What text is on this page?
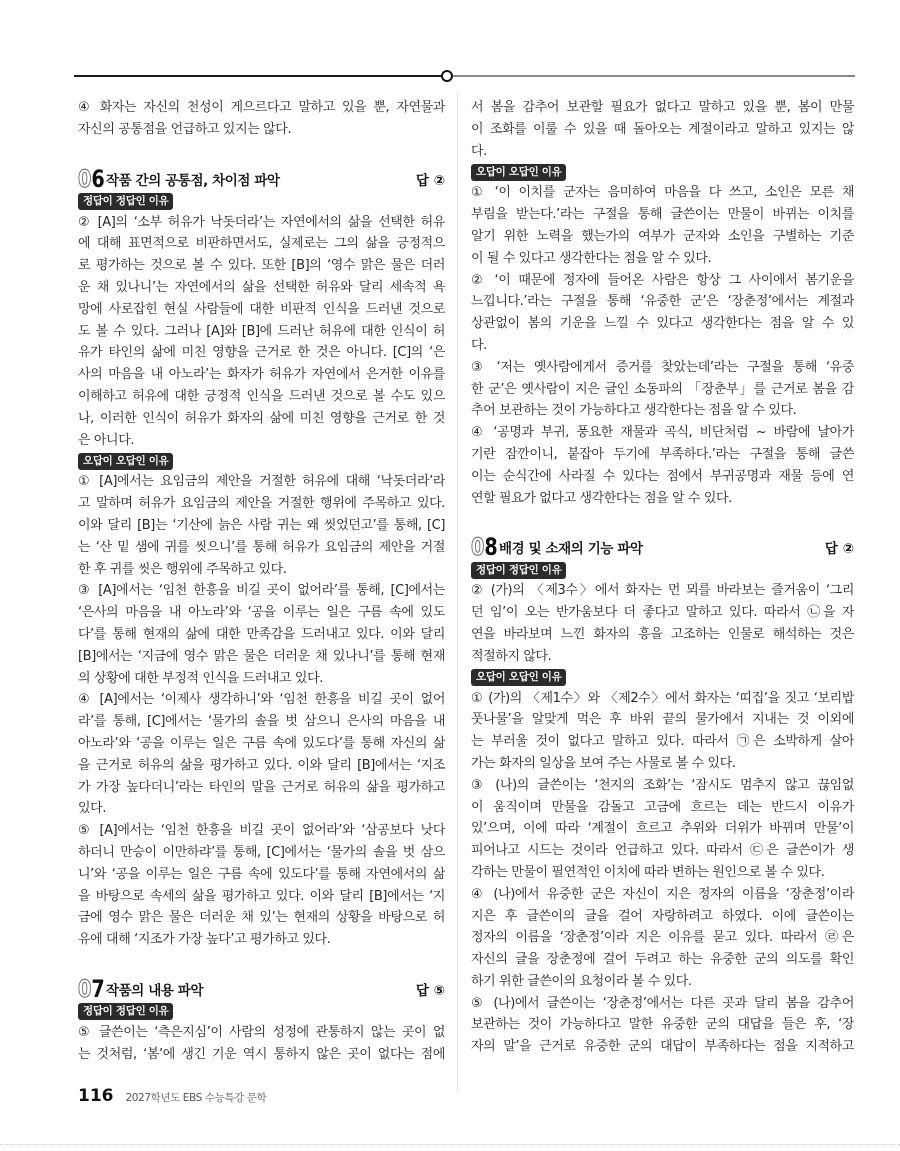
④ 화자는 자신의 천성이 게으르다고 말하고 있을 뿐, 자연물과
자신의 공통점을 언급하고 있지는 않다.
06 작품 간의 공통점, 차이점 파악	답 ②
정답이 정답인 이유
② [A]의 ‘소부 허유가 낙돗더라’는 자연에서의 삶을 선택한 허유
에 대해 표면적으로 비판하면서도, 실제로는 그의 삶을 긍정적으
로 평가하는 것으로 볼 수 있다. 또한 [B]의 ‘영수 맑은 물은 더러
운 채 있나니’는 자연에서의 삶을 선택한 허유와 달리 세속적 욕
망에 사로잡힌 현실 사람들에 대한 비판적 인식을 드러낸 것으로
도 볼 수 있다. 그러나 [A]와 [B]에 드러난 허유에 대한 인식이 허
유가 타인의 삶에 미친 영향을 근거로 한 것은 아니다. [C]의 ‘은
사의 마음을 내 아노라’는 화자가 허유가 자연에서 은거한 이유를
이해하고 허유에 대한 긍정적 인식을 드러낸 것으로 볼 수도 있으
나, 이러한 인식이 허유가 화자의 삶에 미친 영향을 근거로 한 것
은 아니다.
오답이 오답인 이유
① [A]에서는 요임금의 제안을 거절한 허유에 대해 ‘낙돗더라’라
고 말하며 허유가 요임금의 제안을 거절한 행위에 주목하고 있다.
이와 달리 [B]는 ‘기산에 늙은 사람 귀는 왜 씻었던고’를 통해, [C]
는 ‘산 밑 샘에 귀를 씻으니’를 통해 허유가 요임금의 제안을 거절
한 후 귀를 씻은 행위에 주목하고 있다.
③ [A]에서는 ‘임천 한흥을 비길 곳이 없어라’를 통해, [C]에서는
‘은사의 마음을 내 아노라’와 ‘공을 이루는 일은 구름 속에 있도
다’를 통해 현재의 삶에 대한 만족감을 드러내고 있다. 이와 달리
[B]에서는 ‘지금에 영수 맑은 물은 더러운 채 있나니’를 통해 현재
의 상황에 대한 부정적 인식을 드러내고 있다.
④ [A]에서는 ‘이제사 생각하니’와 ‘임천 한흥을 비길 곳이 없어
라’를 통해, [C]에서는 ‘물가의 솔을 벗 삼으니 은사의 마음을 내
아노라’와 ‘공을 이루는 일은 구름 속에 있도다’를 통해 자신의 삶
을 근거로 허유의 삶을 평가하고 있다. 이와 달리 [B]에서는 ‘지조
가 가장 높다더니’라는 타인의 말을 근거로 허유의 삶을 평가하고
있다.
⑤ [A]에서는 ‘임천 한흥을 비길 곳이 없어라’와 ‘삼공보다 낫다
하더니 만승이 이만하랴’를 통해, [C]에서는 ‘물가의 솔을 벗 삼으
니’와 ‘공을 이루는 일은 구름 속에 있도다’를 통해 자연에서의 삶
을 바탕으로 속세의 삶을 평가하고 있다. 이와 달리 [B]에서는 ‘지
금에 영수 맑은 물은 더러운 채 있’는 현재의 상황을 바탕으로 허
유에 대해 ‘지조가 가장 높다’고 평가하고 있다.
07 작품의 내용 파악	답 ⑤
정답이 정답인 이유
⑤ 글쓴이는 ‘측은지심’이 사람의 성정에 관통하지 않는 곳이 없
는 것처럼, ‘봄’에 생긴 기운 역시 통하지 않은 곳이 없다는 점에
서 봄을 감추어 보관할 필요가 없다고 말하고 있을 뿐, 봄이 만물
이 조화를 이룰 수 있을 때 돌아오는 계절이라고 말하고 있지는 않
다.
오답이 오답인 이유
① ‘이 이치를 군자는 음미하여 마음을 다 쓰고, 소인은 모른 채
부림을 받는다.’라는 구절을 통해 글쓴이는 만물이 바뀌는 이치를
알기 위한 노력을 했는가의 여부가 군자와 소인을 구별하는 기준
이 될 수 있다고 생각한다는 점을 알 수 있다.
② ‘이 때문에 정자에 들어온 사람은 항상 그 사이에서 봄기운을
느낍니다.’라는 구절을 통해 ‘유중한 군’은 ‘장춘정’에서는 계절과
상관없이 봄의 기운을 느낄 수 있다고 생각한다는 점을 알 수 있
다.
③ ‘저는 옛사람에게서 증거를 찾았는데’라는 구절을 통해 ‘유중
한 군’은 옛사람이 지은 글인 소동파의 「장춘부」를 근거로 봄을 감
추어 보관하는 것이 가능하다고 생각한다는 점을 알 수 있다.
④ ‘공명과 부귀, 풍요한 재물과 곡식, 비단처럼 ~ 바람에 날아가
기란 잠깐이니, 붙잡아 두기에 부족하다.’라는 구절을 통해 글쓴
이는 순식간에 사라질 수 있다는 점에서 부귀공명과 재물 등에 연
연할 필요가 없다고 생각한다는 점을 알 수 있다.
08 배경 및 소재의 기능 파악	답 ②
정답이 정답인 이유
② (가)의 〈제3수〉에서 화자는 먼 뫼를 바라보는 즐거움이 ‘그리
던 임’이 오는 반가움보다 더 좋다고 말하고 있다. 따라서 ㉡을 자
연을 바라보며 느낀 화자의 흥을 고조하는 인물로 해석하는 것은
적절하지 않다.
오답이 오답인 이유
① (가)의 〈제1수〉와 〈제2수〉에서 화자는 ‘띠집’을 짓고 ‘보리밥
풋나물’을 알맞게 먹은 후 바위 끝의 물가에서 지내는 것 이외에
는 부러울 것이 없다고 말하고 있다. 따라서 ㉠은 소박하게 살아
가는 화자의 일상을 보여 주는 사물로 볼 수 있다.
③ (나)의 글쓴이는 ‘천지의 조화’는 ‘잠시도 멈추지 않고 끊임없
이 움직이며 만물을 감돌고 고금에 흐르는 데는 반드시 이유가
있’으며, 이에 따라 ‘계절이 흐르고 추위와 더위가 바뀌며 만물’이
피어나고 시드는 것이라 언급하고 있다. 따라서 ㉢은 글쓴이가 생
각하는 만물이 필연적인 이치에 따라 변하는 원인으로 볼 수 있다.
④ (나)에서 유중한 군은 자신이 지은 정자의 이름을 ‘장춘정’이라
지은 후 글쓴이의 글을 걸어 자랑하려고 하였다. 이에 글쓴이는
정자의 이름을 ‘장춘정’이라 지은 이유를 묻고 있다. 따라서 ㉣은
자신의 글을 장춘정에 걸어 두려고 하는 유중한 군의 의도를 확인
하기 위한 글쓴이의 요청이라 볼 수 있다.
⑤ (나)에서 글쓴이는 ‘장춘정’에서는 다른 곳과 달리 봄을 감추어
보관하는 것이 가능하다고 말한 유중한 군의 대답을 들은 후, ‘장
자의 말’을 근거로 유중한 군의 대답이 부족하다는 점을 지적하고
116 2027학년도 EBS 수능특강 문학
